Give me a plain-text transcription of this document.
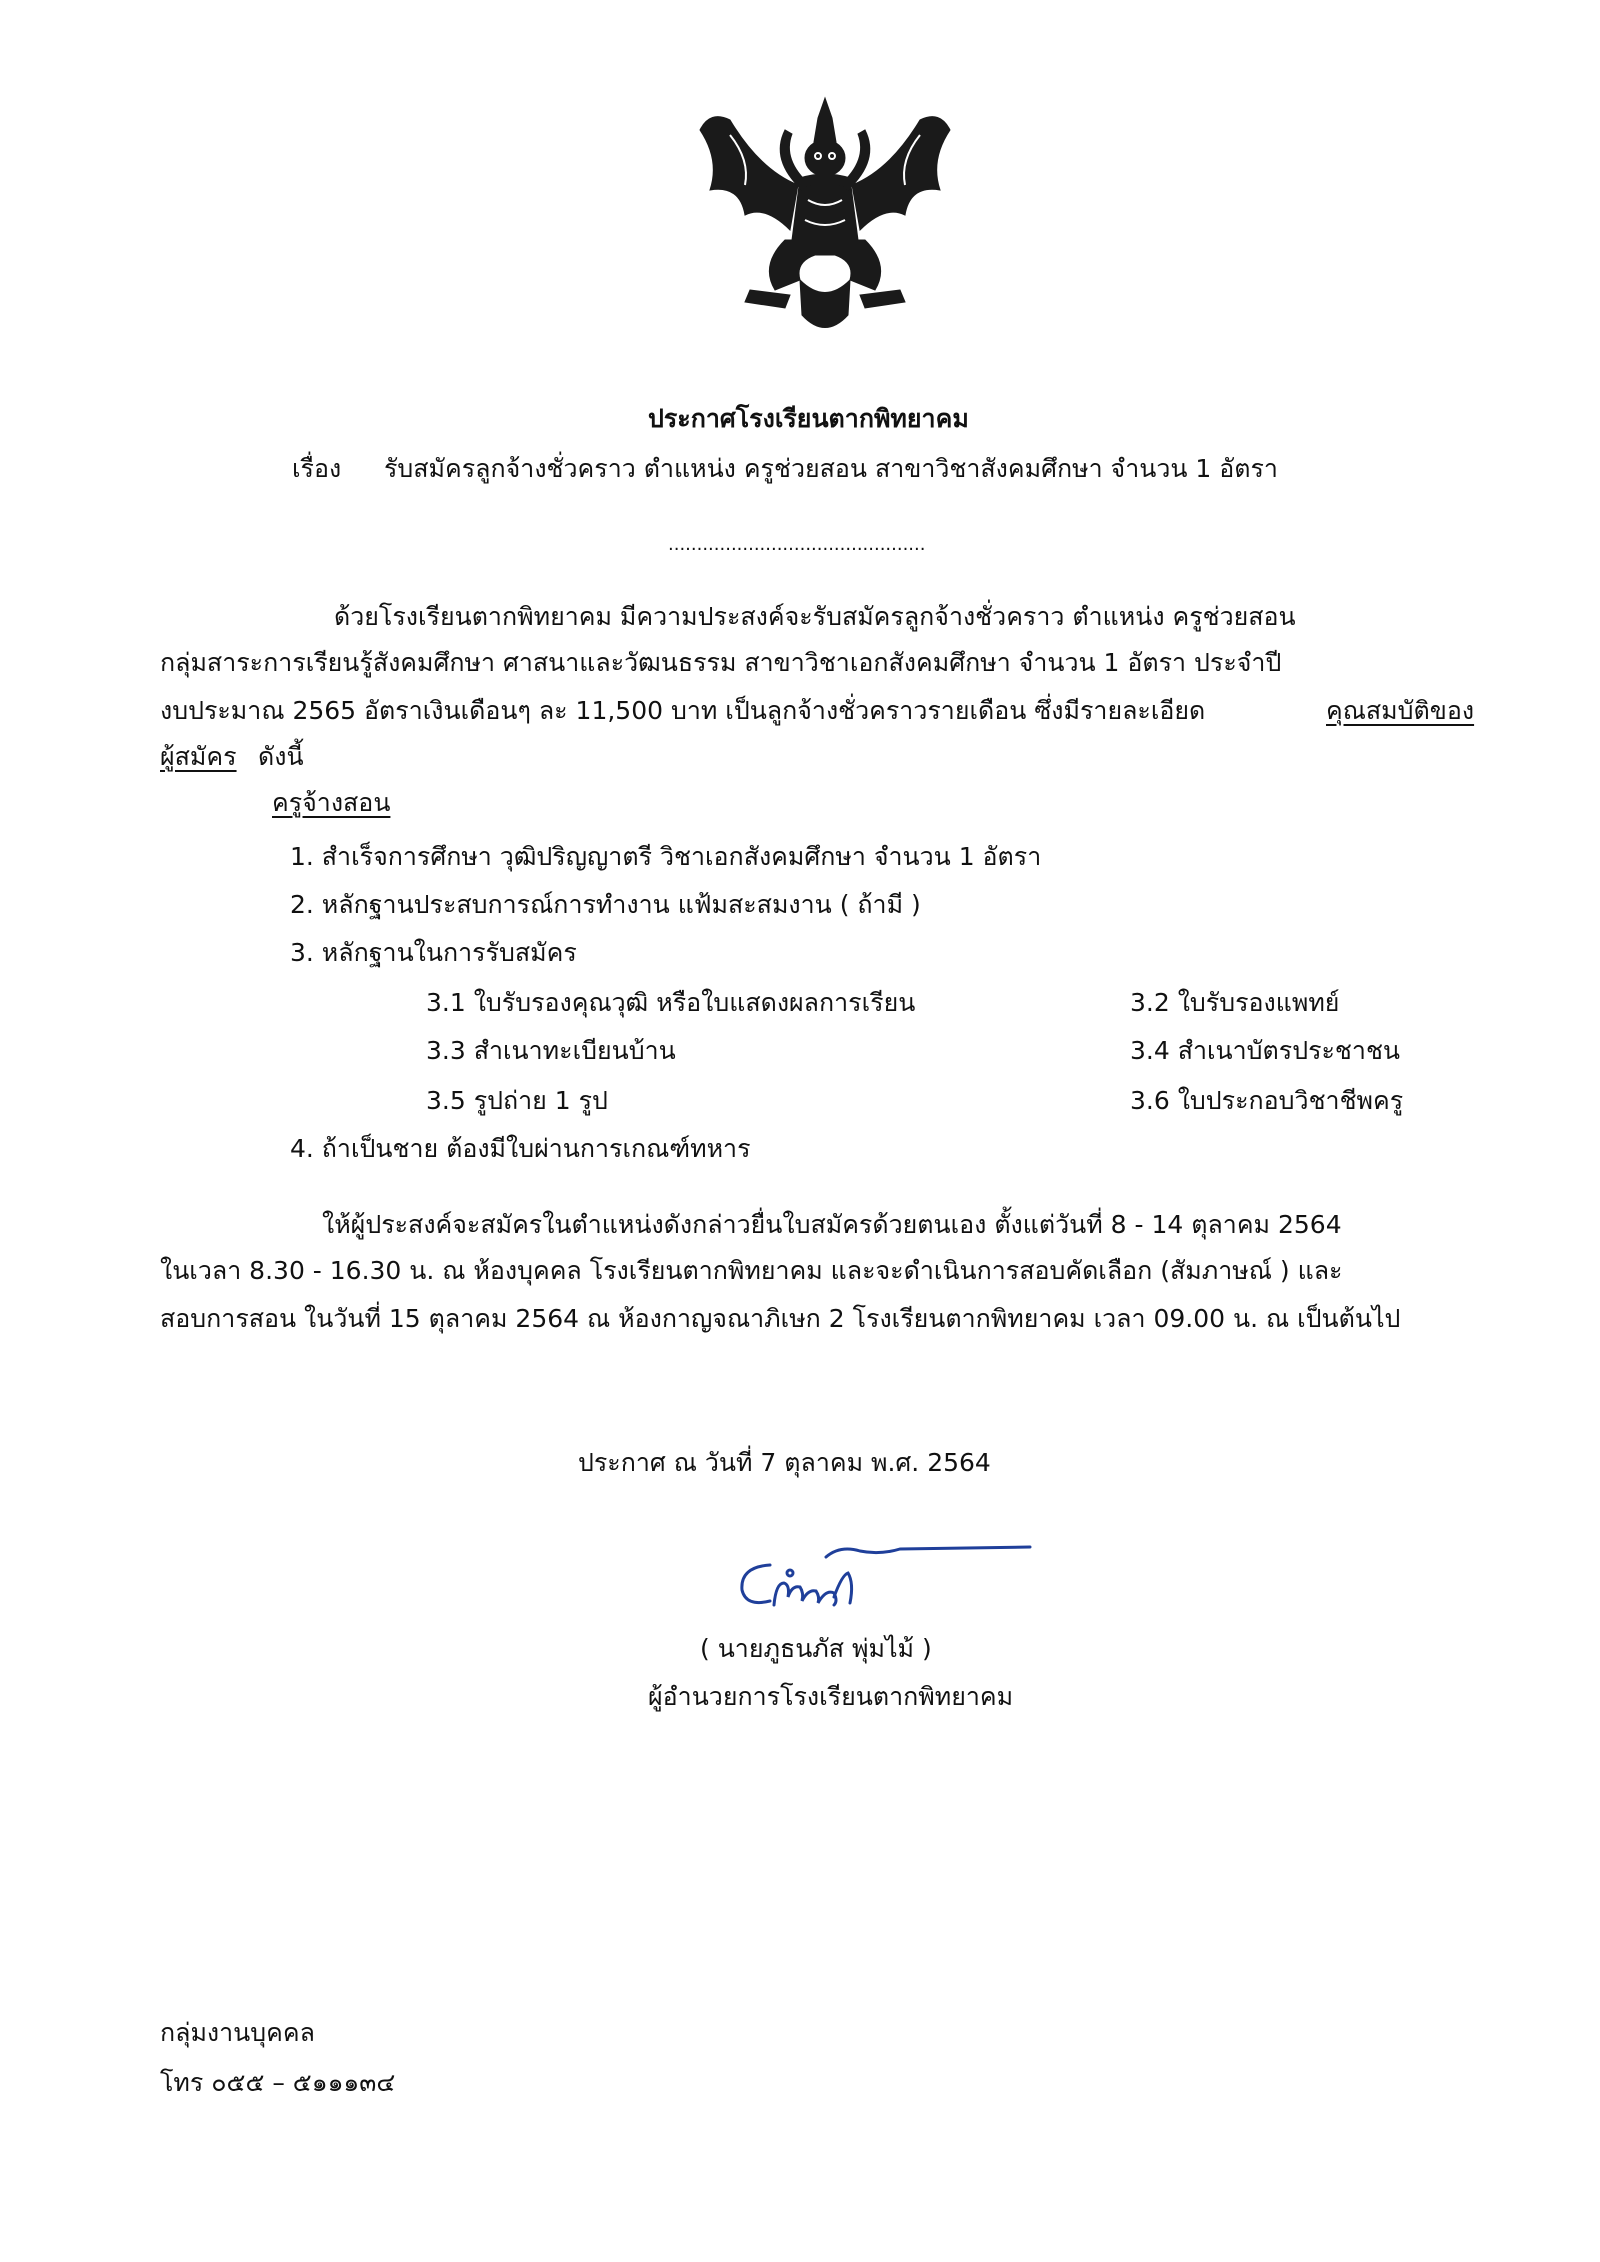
ประกาศโรงเรียนตากพิทยาคม
เรื่อง รับสมัครลูกจ้างชั่วคราว ตำแหน่ง ครูช่วยสอน สาขาวิชาสังคมศึกษา จำนวน 1 อัตรา
.............................................
ด้วยโรงเรียนตากพิทยาคม มีความประสงค์จะรับสมัครลูกจ้างชั่วคราว ตำแหน่ง ครูช่วยสอน
กลุ่มสาระการเรียนรู้สังคมศึกษา ศาสนาและวัฒนธรรม สาขาวิชาเอกสังคมศึกษา จำนวน 1 อัตรา ประจำปี
งบประมาณ 2565 อัตราเงินเดือนๆ ละ 11,500 บาท เป็นลูกจ้างชั่วคราวรายเดือน ซึ่งมีรายละเอียด	คุณสมบัติของ
ผู้สมัคร ดังนี้
ครูจ้างสอน
1. สำเร็จการศึกษา วุฒิปริญญาตรี วิชาเอกสังคมศึกษา จำนวน 1 อัตรา
2. หลักฐานประสบการณ์การทำงาน แฟ้มสะสมงาน ( ถ้ามี )
3. หลักฐานในการรับสมัคร
3.1 ใบรับรองคุณวุฒิ หรือใบแสดงผลการเรียน	3.2 ใบรับรองแพทย์
3.3 สำเนาทะเบียนบ้าน	3.4 สำเนาบัตรประชาชน
3.5 รูปถ่าย 1 รูป	3.6 ใบประกอบวิชาชีพครู
4. ถ้าเป็นชาย ต้องมีใบผ่านการเกณฑ์ทหาร
ให้ผู้ประสงค์จะสมัครในตำแหน่งดังกล่าวยื่นใบสมัครด้วยตนเอง ตั้งแต่วันที่ 8 - 14 ตุลาคม 2564
ในเวลา 8.30 - 16.30 น. ณ ห้องบุคคล โรงเรียนตากพิทยาคม และจะดำเนินการสอบคัดเลือก (สัมภาษณ์ ) และ
สอบการสอน ในวันที่ 15 ตุลาคม 2564 ณ ห้องกาญจณาภิเษก 2 โรงเรียนตากพิทยาคม เวลา 09.00 น. ณ เป็นต้นไป
ประกาศ ณ วันที่ 7 ตุลาคม พ.ศ. 2564
( นายภูธนภัส พุ่มไม้ )
ผู้อำนวยการโรงเรียนตากพิทยาคม
กลุ่มงานบุคคล
โทร ๐๕๕ – ๕๑๑๑๓๔
